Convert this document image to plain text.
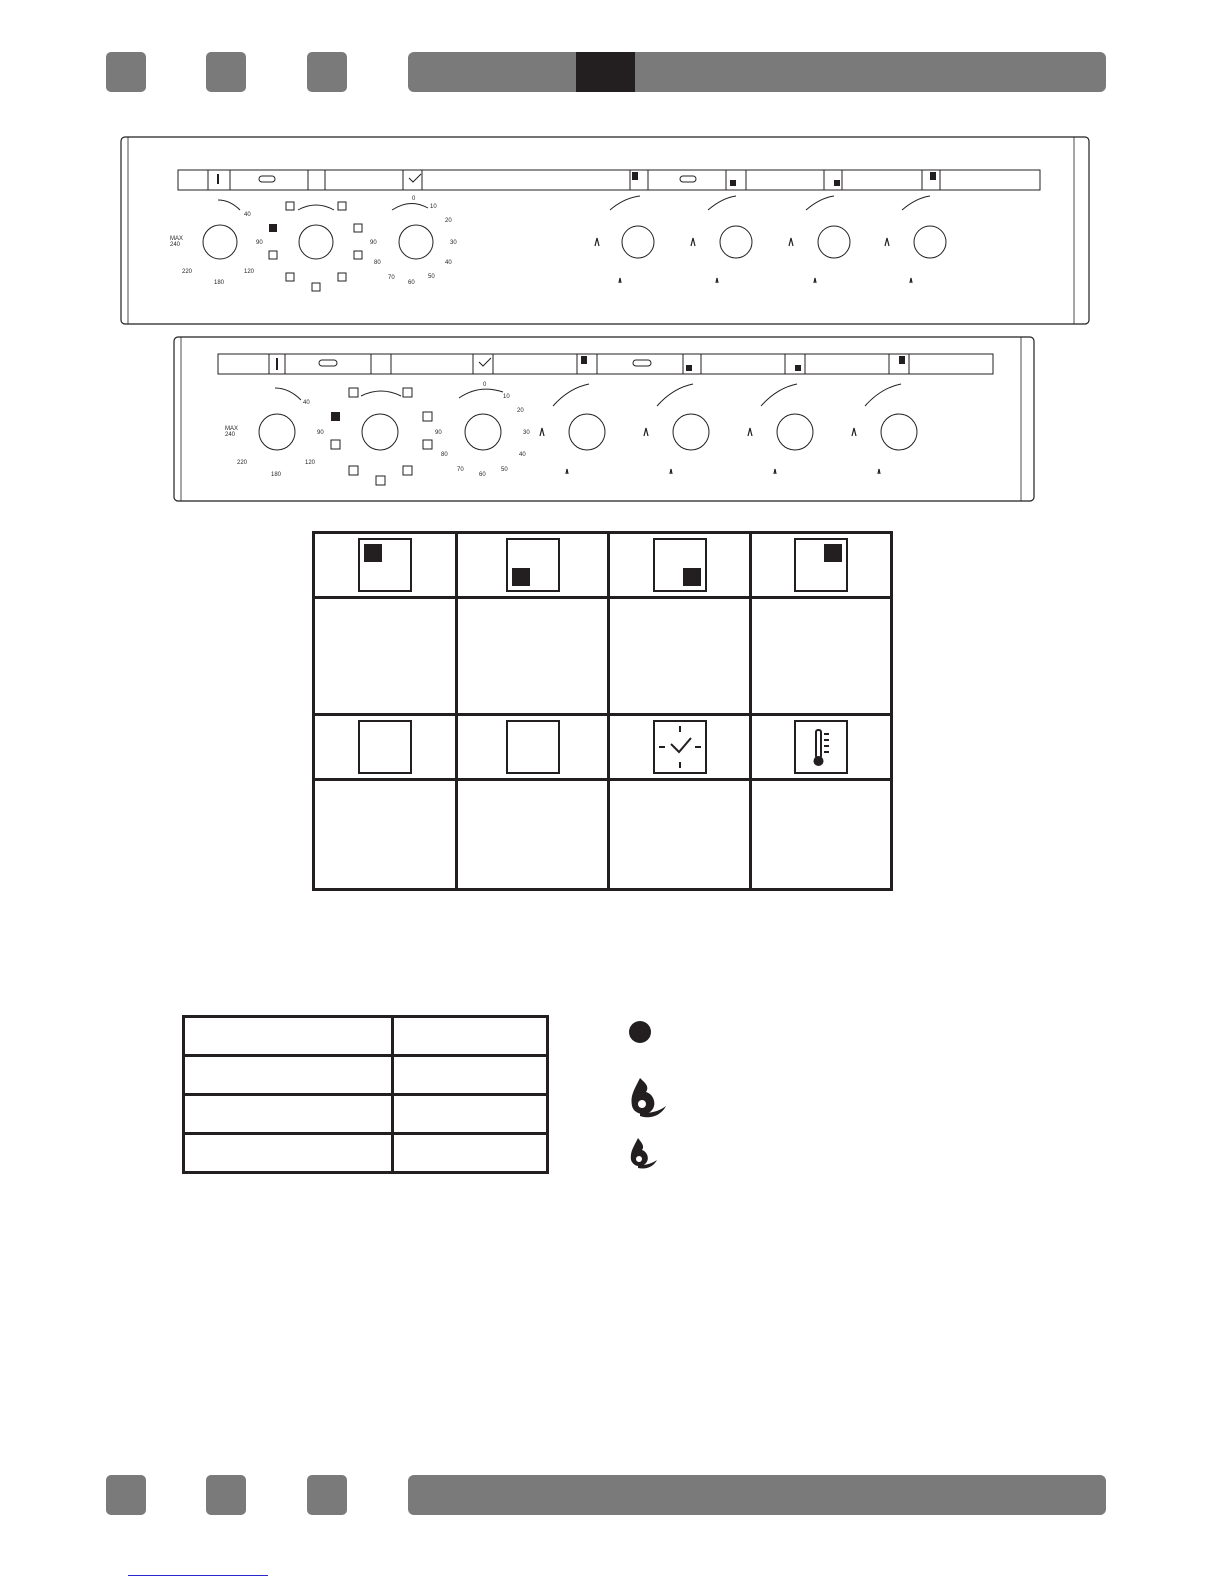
MAX
240
220
180
120
90
40
0
10
20
30
40
50
60
70
80
90
MAX
240
220
180
120
90
40
0
10
20
30
40
50
60
70
80
90
